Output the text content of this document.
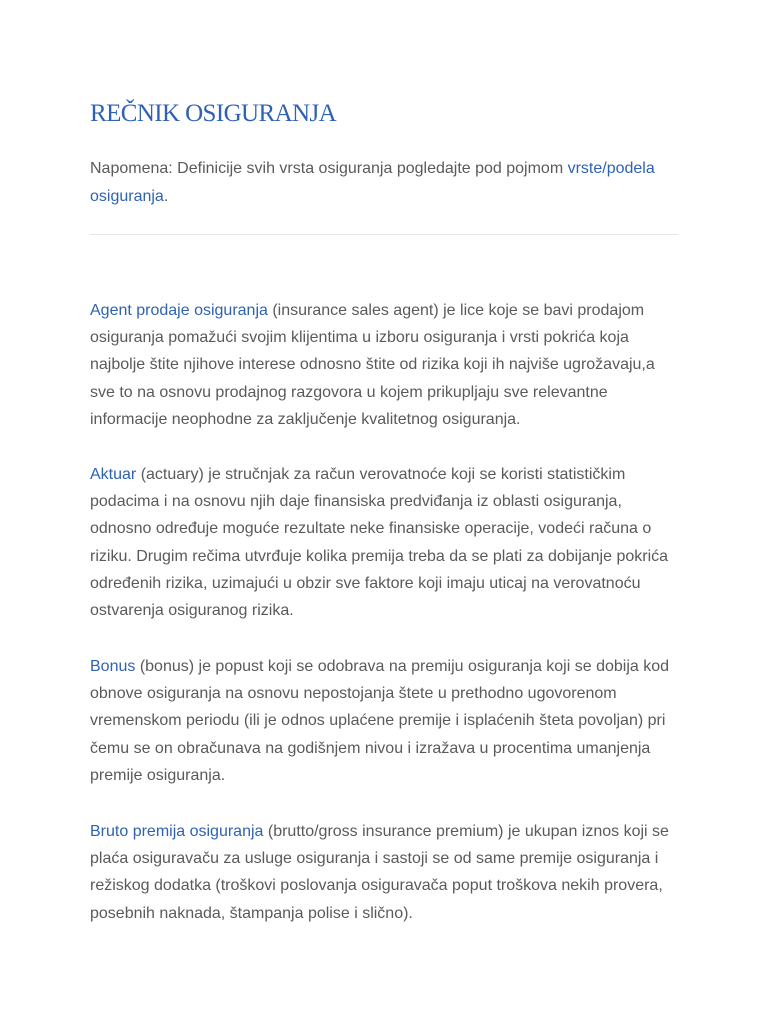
REČNIK OSIGURANJA

Napomena: Definicije svih vrsta osiguranja pogledajte pod pojmom vrste/podela osiguranja.

Agent prodaje osiguranja (insurance sales agent) je lice koje se bavi prodajom osiguranja pomažući svojim klijentima u izboru osiguranja i vrsti pokrića koja najbolje štite njihove interese odnosno štite od rizika koji ih najviše ugrožavaju,a sve to na osnovu prodajnog razgovora u kojem prikupljaju sve relevantne informacije neophodne za zaključenje kvalitetnog osiguranja.

Aktuar (actuary) je stručnjak za račun verovatnoće koji se koristi statističkim podacima i na osnovu njih daje finansiska predviđanja iz oblasti osiguranja, odnosno određuje moguće rezultate neke finansiske operacije, vodeći računa o riziku. Drugim rečima utvrđuje kolika premija treba da se plati za dobijanje pokrića određenih rizika, uzimajući u obzir sve faktore koji imaju uticaj na verovatnoću ostvarenja osiguranog rizika.

Bonus (bonus) je popust koji se odobrava na premiju osiguranja koji se dobija kod obnove osiguranja na osnovu nepostojanja štete u prethodno ugovorenom vremenskom periodu (ili je odnos uplaćene premije i isplaćenih šteta povoljan) pri čemu se on obračunava na godišnjem nivou i izražava u procentima umanjenja premije osiguranja.

Bruto premija osiguranja (brutto/gross insurance premium) je ukupan iznos koji se plaća osiguravaču za usluge osiguranja i sastoji se od same premije osiguranja i režiskog dodatka (troškovi poslovanja osiguravača poput troškova nekih provera, posebnih naknada, štampanja polise i slično).
